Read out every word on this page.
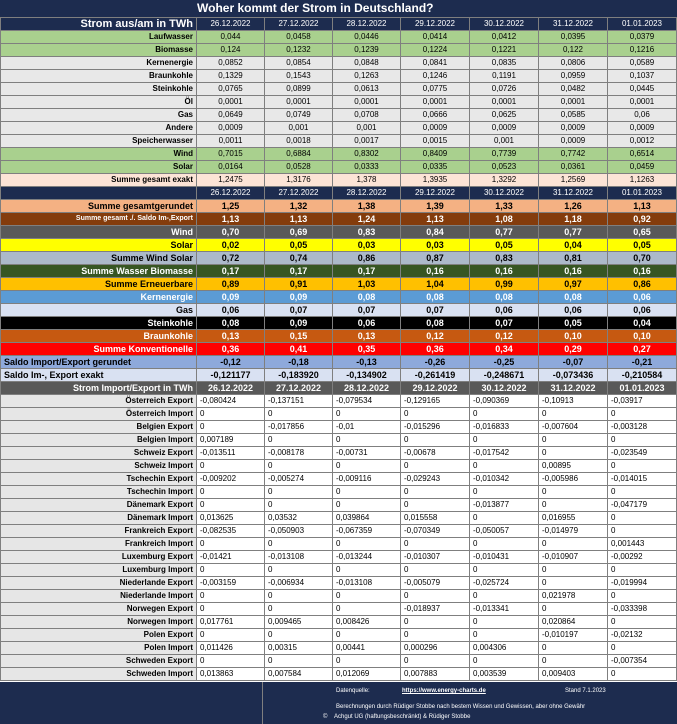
Woher kommt der Strom in Deutschland?
Strom aus/am in TWh	26.12.2022	27.12.2022	28.12.2022	29.12.2022	30.12.2022	31.12.2022	01.01.2023
Laufwasser	0,044	0,0458	0,0446	0,0414	0,0412	0,0395	0,0379
Biomasse	0,124	0,1232	0,1239	0,1224	0,1221	0,122	0,1216
Kernenergie	0,0852	0,0854	0,0848	0,0841	0,0835	0,0806	0,0589
Braunkohle	0,1329	0,1543	0,1263	0,1246	0,1191	0,0959	0,1037
Steinkohle	0,0765	0,0899	0,0613	0,0775	0,0726	0,0482	0,0445
Öl	0,0001	0,0001	0,0001	0,0001	0,0001	0,0001	0,0001
Gas	0,0649	0,0749	0,0708	0,0666	0,0625	0,0585	0,06
Andere	0,0009	0,001	0,001	0,0009	0,0009	0,0009	0,0009
Speicherwasser	0,0011	0,0018	0,0017	0,0015	0,001	0,0009	0,0012
Wind	0,7015	0,6884	0,8302	0,8409	0,7739	0,7742	0,6514
Solar	0,0164	0,0528	0,0333	0,0335	0,0523	0,0361	0,0459
Summe gesamt exakt	1,2475	1,3176	1,378	1,3935	1,3292	1,2569	1,1263
	26.12.2022	27.12.2022	28.12.2022	29.12.2022	30.12.2022	31.12.2022	01.01.2023
Summe gesamtgerundet	1,25	1,32	1,38	1,39	1,33	1,26	1,13
Summe gesamt ./. Saldo Im-,Export	1,13	1,13	1,24	1,13	1,08	1,18	0,92
Wind	0,70	0,69	0,83	0,84	0,77	0,77	0,65
Solar	0,02	0,05	0,03	0,03	0,05	0,04	0,05
Summe Wind Solar	0,72	0,74	0,86	0,87	0,83	0,81	0,70
Summe Wasser Biomasse	0,17	0,17	0,17	0,16	0,16	0,16	0,16
Summe Erneuerbare	0,89	0,91	1,03	1,04	0,99	0,97	0,86
Kernenergie	0,09	0,09	0,08	0,08	0,08	0,08	0,06
Gas	0,06	0,07	0,07	0,07	0,06	0,06	0,06
Steinkohle	0,08	0,09	0,06	0,08	0,07	0,05	0,04
Braunkohle	0,13	0,15	0,13	0,12	0,12	0,10	0,10
Summe Konventionelle	0,36	0,41	0,35	0,36	0,34	0,29	0,27
Saldo Import/Export gerundet	-0,12	-0,18	-0,13	-0,26	-0,25	-0,07	-0,21
Saldo Im-, Export exakt	-0,121177	-0,183920	-0,134902	-0,261419	-0,248671	-0,073436	-0,210584
Strom Import/Export in TWh	26.12.2022	27.12.2022	28.12.2022	29.12.2022	30.12.2022	31.12.2022	01.01.2023
Österreich Export	-0,080424	-0,137151	-0,079534	-0,129165	-0,090369	-0,10913	-0,03917
Österreich Import	0	0	0	0	0	0	0
Belgien Export	0	-0,017856	-0,01	-0,015296	-0,016833	-0,007604	-0,003128
Belgien Import	0,007189	0	0	0	0	0	0
Schweiz Export	-0,013511	-0,008178	-0,00731	-0,00678	-0,017542	0	-0,023549
Schweiz Import	0	0	0	0	0	0,00895	0
Tschechin Export	-0,009202	-0,005274	-0,009116	-0,029243	-0,010342	-0,005986	-0,014015
Tschechin Import	0	0	0	0	0	0	0
Dänemark Export	0	0	0	0	-0,013877	0	-0,047179
Dänemark Import	0,013625	0,03532	0,039864	0,015558	0	0,016955	0
Frankreich Export	-0,082535	-0,050903	-0,067359	-0,070349	-0,050057	-0,014979	0
Frankreich Import	0	0	0	0	0	0	0,001443
Luxemburg Export	-0,01421	-0,013108	-0,013244	-0,010307	-0,010431	-0,010907	-0,00292
Luxemburg Import	0	0	0	0	0	0	0
Niederlande Export	-0,003159	-0,006934	-0,013108	-0,005079	-0,025724	0	-0,019994
Niederlande Import	0	0	0	0	0	0,021978	0
Norwegen Export	0	0	0	-0,018937	-0,013341	0	-0,033398
Norwegen Import	0,017761	0,009465	0,008426	0	0	0,020864	0
Polen Export	0	0	0	0	0	-0,010197	-0,02132
Polen Import	0,011426	0,00315	0,00441	0,000296	0,004306	0	0
Schweden Export	0	0	0	0	0	0	-0,007354
Schweden Import	0,013863	0,007584	0,012069	0,007883	0,003539	0,009403	0
Datenquelle:	https://www.energy-charts.de	Stand 7.1.2023
Berechnungen durch Rüdiger Stobbe nach bestem Wissen und Gewissen, aber ohne Gewähr
© Achgut UG (haftungsbeschränkt) & Rüdiger Stobbe
